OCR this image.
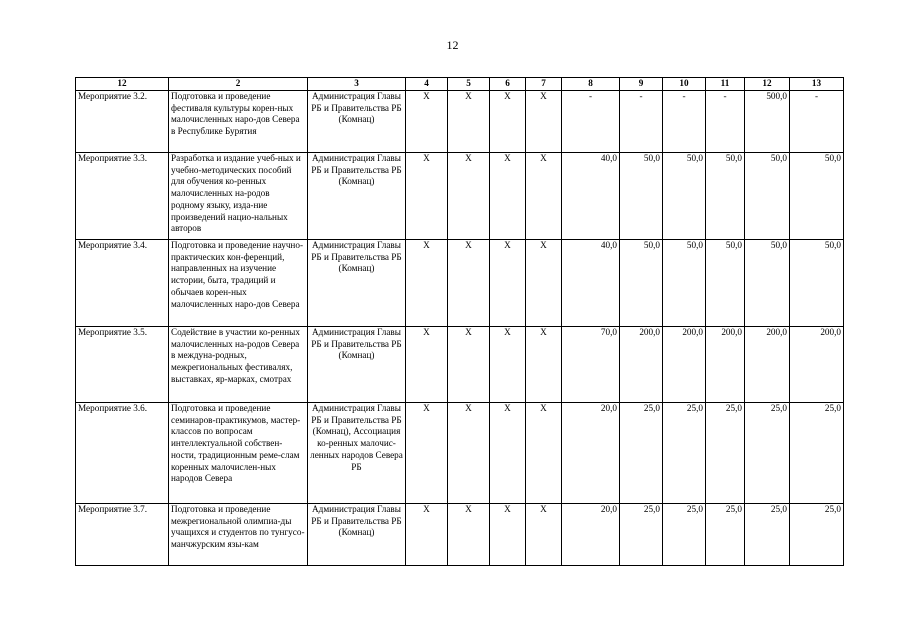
12
12	2	3	4	5	6	7	8	9	10	11	12	13
Мероприятие 3.2.	Подготовка и проведение фестиваля культуры корен-ных малочисленных наро-дов Севера в Республике Бурятия	Администрация Главы РБ и Правительства РБ (Комнац)	Х	Х	Х	Х	-	-	-	-	500,0	-
Мероприятие 3.3.	Разработка и издание учеб-ных и учебно-методических пособий для обучения ко-ренных малочисленных на-родов родному языку, изда-ние произведений нацио-нальных авторов	Администрация Главы РБ и Правительства РБ (Комнац)	Х	Х	Х	Х	40,0	50,0	50,0	50,0	50,0	50,0
Мероприятие 3.4.	Подготовка и проведение научно-практических кон-ференций, направленных на изучение истории, быта, традиций и обычаев корен-ных малочисленных наро-дов Севера	Администрация Главы РБ и Правительства РБ (Комнац)	Х	Х	Х	Х	40,0	50,0	50,0	50,0	50,0	50,0
Мероприятие 3.5.	Содействие в участии ко-ренных малочисленных на-родов Севера в междуна-родных, межрегиональных фестивалях, выставках, яр-марках, смотрах	Администрация Главы РБ и Правительства РБ (Комнац)	Х	Х	Х	Х	70,0	200,0	200,0	200,0	200,0	200,0
Мероприятие 3.6.	Подготовка и проведение семинаров-практикумов, мастер-классов по вопросам интеллектуальной собствен-ности, традиционным реме-слам коренных малочислен-ных народов Севера	Администрация Главы РБ и Правительства РБ (Комнац), Ассоциация ко-ренных малочис-ленных народов Севера РБ	Х	Х	Х	Х	20,0	25,0	25,0	25,0	25,0	25,0
Мероприятие 3.7.	Подготовка и проведение межрегиональной олимпиа-ды учащихся и студентов по тунгусо-манчжурским язы-кам	Администрация Главы РБ и Правительства РБ (Комнац)	Х	Х	Х	Х	20,0	25,0	25,0	25,0	25,0	25,0
